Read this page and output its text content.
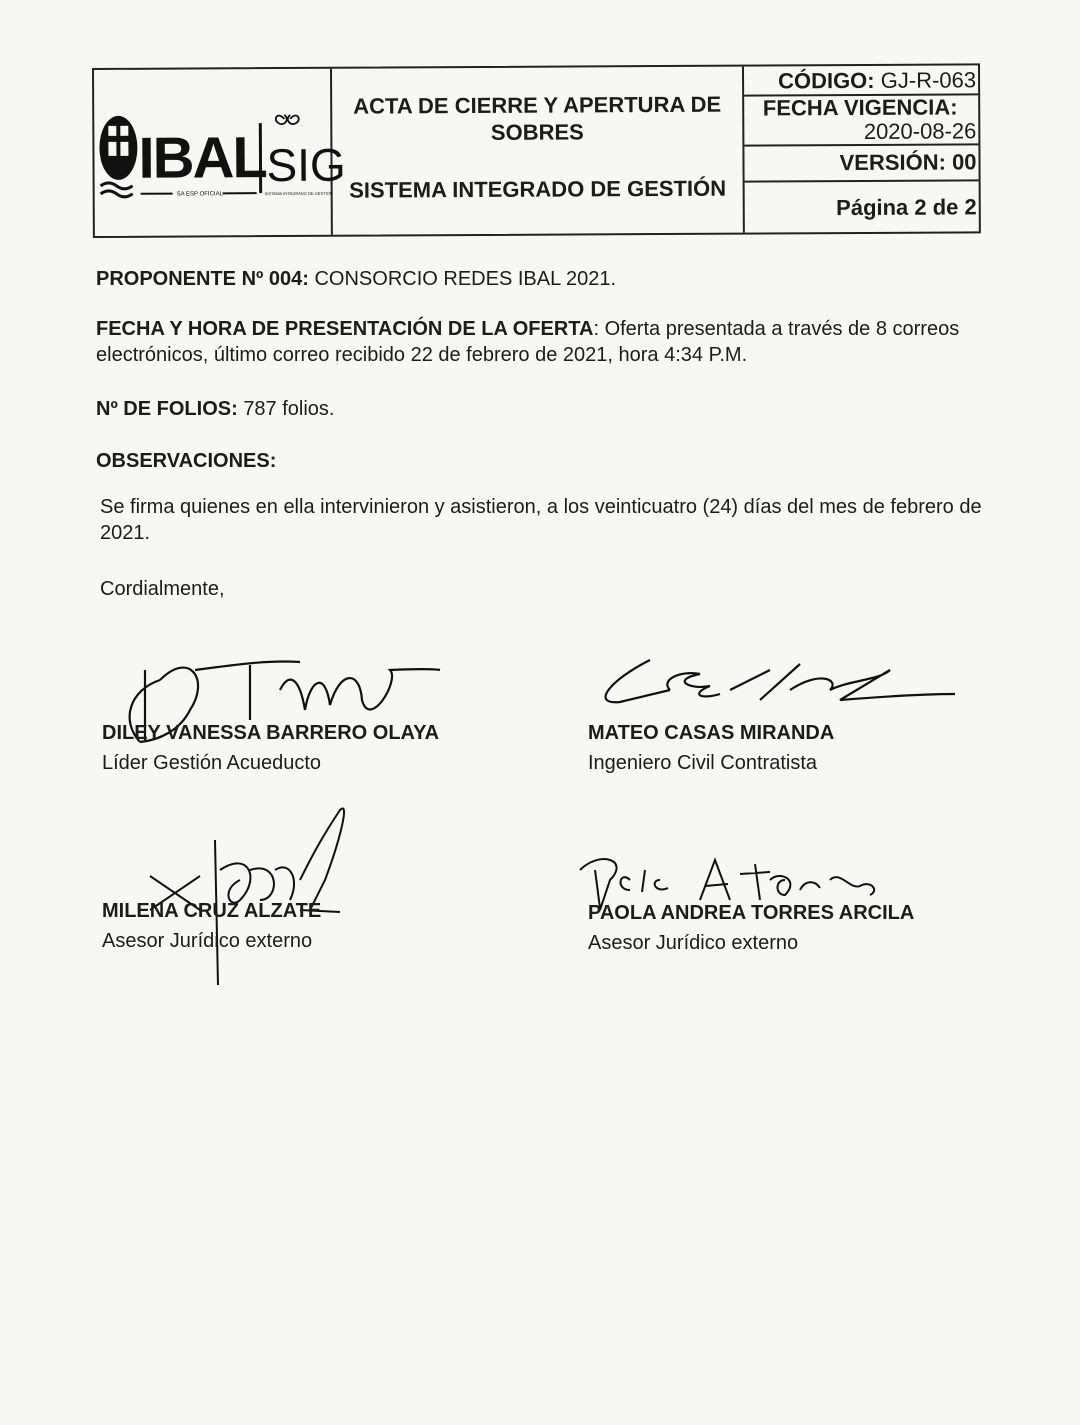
IBAL SIG
SA ESP OFICIAL	SISTEMA INTEGRADO DE GESTIÓN
ACTA DE CIERRE Y APERTURA DE SOBRES
SISTEMA INTEGRADO DE GESTIÓN
CÓDIGO: GJ-R-063
FECHA VIGENCIA:
2020-08-26
VERSIÓN: 00
Página 2 de 2
PROPONENTE Nº 004: CONSORCIO REDES IBAL 2021.
FECHA Y HORA DE PRESENTACIÓN DE LA OFERTA: Oferta presentada a través de 8 correos electrónicos, último correo recibido 22 de febrero de 2021, hora 4:34 P.M.
Nº DE FOLIOS: 787 folios.
OBSERVACIONES:
Se firma quienes en ella intervinieron y asistieron, a los veinticuatro (24) días del mes de febrero de 2021.
Cordialmente,
DILEY VANESSA BARRERO OLAYA
Líder Gestión Acueducto
MATEO CASAS MIRANDA
Ingeniero Civil Contratista
MILENA CRUZ ALZATE
Asesor Jurídico externo
PAOLA ANDREA TORRES ARCILA
Asesor Jurídico externo
